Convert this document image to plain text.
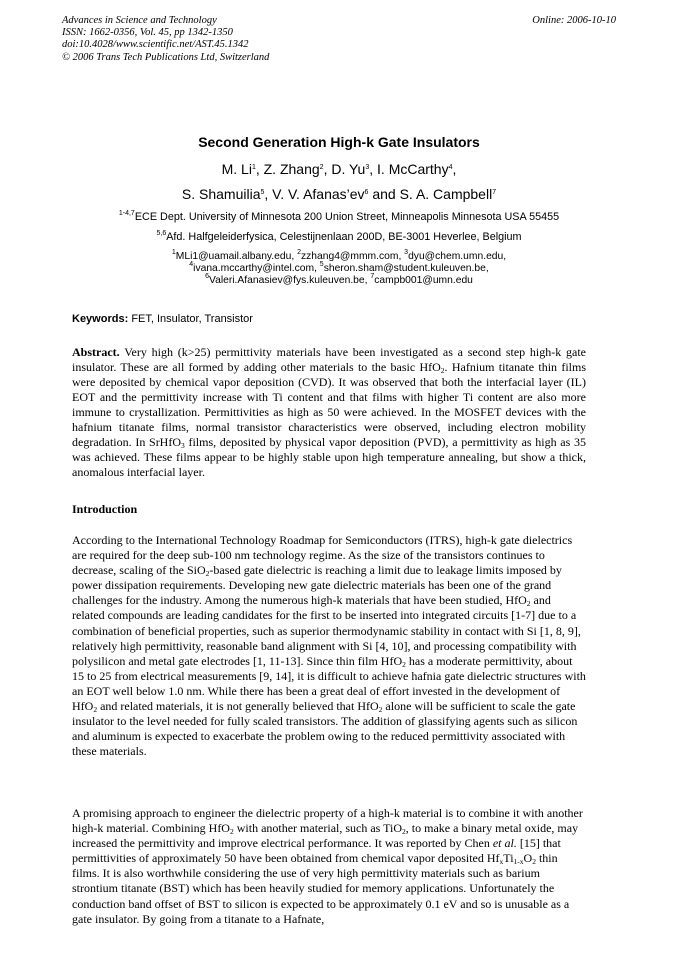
Advances in Science and Technology
ISSN: 1662-0356, Vol. 45, pp 1342-1350
doi:10.4028/www.scientific.net/AST.45.1342
© 2006 Trans Tech Publications Ltd, Switzerland
Online: 2006-10-10
Second Generation High-k Gate Insulators
M. Li$^1$, Z. Zhang$^2$, D. Yu$^3$, I. McCarthy$^4$,
S. Shamuilia$^5$, V. V. $Afanas’ev^6$ and S. A. Campbell$^7$
$^{1-4,7}$ECE Dept. University of Minnesota 200 Union Street, Minneapolis Minnesota USA 55455
$^{5,6}$Afd. Halfgeleiderfysica, Celestijnenlaan 200D, BE-3001 Heverlee, Belgium
$^1$MLi1@uamail.albany.edu, $^2$zzhang4@mmm.com, $^3$dyu@chem.umn.edu,
$^4$ivana.mccarthy@intel.com, $^5$sheron.sham@student.kuleuven.be,
$^6$Valeri.Afanasiev@fys.kuleuven.be, $^7$campb001@umn.edu
Keywords: FET, Insulator, Transistor

Abstract. Very high (k>25) permittivity materials have been investigated as a second step high-k gate insulator. These are all formed by adding other materials to the basic HfO$_2$. Hafnium titanate thin films were deposited by chemical vapor deposition (CVD). It was observed that both the interfacial layer (IL) EOT and the permittivity increase with Ti content and that films with higher Ti content are also more immune to crystallization. Permittivities as high as 50 were achieved. In the MOSFET devices with the hafnium titanate films, normal transistor characteristics were observed, including electron mobility degradation. In SrHfO$_3$ films, deposited by physical vapor deposition (PVD), a permittivity as high as 35 was achieved. These films appear to be highly stable upon high temperature annealing, but show a thick, anomalous interfacial layer.

Introduction

According to the International Technology Roadmap for Semiconductors (ITRS), high-k gate dielectrics are required for the deep sub-100 nm technology regime. As the size of the transistors continues to decrease, scaling of the SiO$_2$-based gate dielectric is reaching a limit due to leakage limits imposed by power dissipation requirements. Developing new gate dielectric materials has been one of the grand challenges for the industry. Among the numerous high-k materials that have been studied, HfO$_2$ and related compounds are leading candidates for the first to be inserted into integrated circuits [1-7] due to a combination of beneficial properties, such as superior thermodynamic stability in contact with Si [1, 8, 9], relatively high permittivity, reasonable band alignment with Si [4, 10], and processing compatibility with polysilicon and metal gate electrodes [1, 11-13]. Since thin film HfO$_2$ has a moderate permittivity, about 15 to 25 from electrical measurements [9, 14], it is difficult to achieve hafnia gate dielectric structures with an EOT well below 1.0 nm. While there has been a great deal of effort invested in the development of HfO$_2$ and related materials, it is not generally believed that HfO$_2$ alone will be sufficient to scale the gate insulator to the level needed for fully scaled transistors. The addition of glassifying agents such as silicon and aluminum is expected to exacerbate the problem owing to the reduced permittivity associated with these materials.

A promising approach to engineer the dielectric property of a high-k material is to combine it with another high-k material. Combining HfO$_2$ with another material, such as TiO$_2$, to make a binary metal oxide, may increased the permittivity and improve electrical performance. It was reported by Chen et al. [15] that permittivities of approximately 50 have been obtained from chemical vapor deposited $Hf_xTi_{1-x}O_2$ thin films. It is also worthwhile considering the use of very high permittivity materials such as barium strontium titanate (BST) which has been heavily studied for memory applications. Unfortunately the conduction band offset of BST to silicon is expected to be approximately 0.1 eV and so is unusable as a gate insulator. By going from a titanate to a Hafnate,
